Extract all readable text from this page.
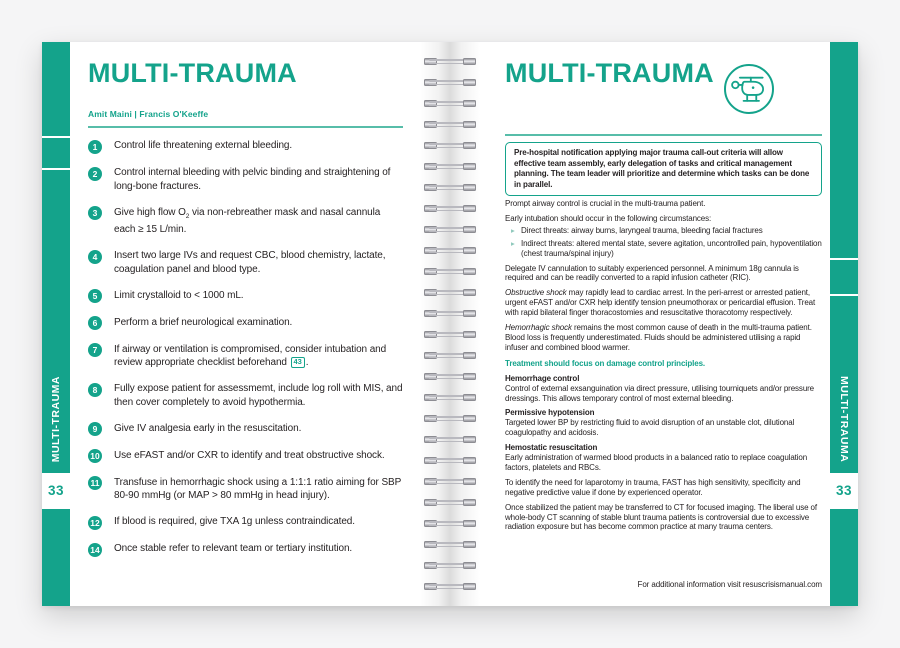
MULTI-TRAUMA
33
MULTI-TRAUMA
33
MULTI-TRAUMA
Amit Maini | Francis O'Keeffe
1	Control life threatening external bleeding.
2	Control internal bleeding with pelvic binding and straightening of long-bone fractures.
3	Give high flow $O_2$ via non-rebreather mask and nasal cannula each ≥ 15 L/min.
4	Insert two large IVs and request CBC, blood chemistry, lactate, coagulation panel and blood type.
5	Limit crystalloid to < 1000 mL.
6	Perform a brief neurological examination.
7	If airway or ventilation is compromised, consider intubation and review appropriate checklist beforehand 43 .
8	Fully expose patient for assessmemt, include log roll with MIS, and then cover completely to avoid hypothermia.
9	Give IV analgesia early in the resuscitation.
10 Use eFAST and/or CXR to identify and treat obstructive shock.
11 Transfuse in hemorrhagic shock using a 1:1:1 ratio aiming for SBP 80-90 mmHg (or MAP > 80 mmHg in head injury).
12 If blood is required, give TXA 1g unless contraindicated.
14 Once stable refer to relevant team or tertiary institution.
MULTI-TRAUMA
Pre-hospital notification applying major trauma call-out criteria will allow effective team assembly, early delegation of tasks and critical management planning. The team leader will prioritize and determine which tasks can be done in parallel.
Prompt airway control is crucial in the multi-trauma patient.
Early intubation should occur in the following circumstances:
▸ Direct threats: airway burns, laryngeal trauma, bleeding facial fractures
▸ Indirect threats: altered mental state, severe agitation, uncontrolled pain, hypoventilation (chest trauma/spinal injury)
Delegate IV cannulation to suitably experienced personnel. A minimum 18g cannula is required and can be readily converted to a rapid infusion catheter (RIC).
Obstructive shock may rapidly lead to cardiac arrest. In the peri-arrest or arrested patient, urgent eFAST and/or CXR help identify tension pneumothorax or pericardial effusion. Treat with rapid bilateral finger thoracostomies and resuscitative thoracotomy respectively.
Hemorrhagic shock remains the most common cause of death in the multi-trauma patient. Blood loss is frequently underestimated. Fluids should be administered utilising a rapid infuser and combined blood warmer.
Treatment should focus on damage control principles.
Hemorrhage control
Control of external exsanguination via direct pressure, utilising tourniquets and/or pressure dressings. This allows temporary control of most external bleeding.
Permissive hypotension
Targeted lower BP by restricting fluid to avoid disruption of an unstable clot, dilutional coagulopathy and acidosis.
Hemostatic resuscitation
Early administration of warmed blood products in a balanced ratio to replace coagulation factors, platelets and RBCs.
To identify the need for laparotomy in trauma, FAST has high sensitivity, specificity and negative predictive value if done by experienced operator.
Once stabilized the patient may be transferred to CT for focused imaging. The liberal use of whole-body CT scanning of stable blunt trauma patients is controversial due to excessive radiation exposure but has become common practice at many trauma centers.
For additional information visit resuscrisismanual.com
